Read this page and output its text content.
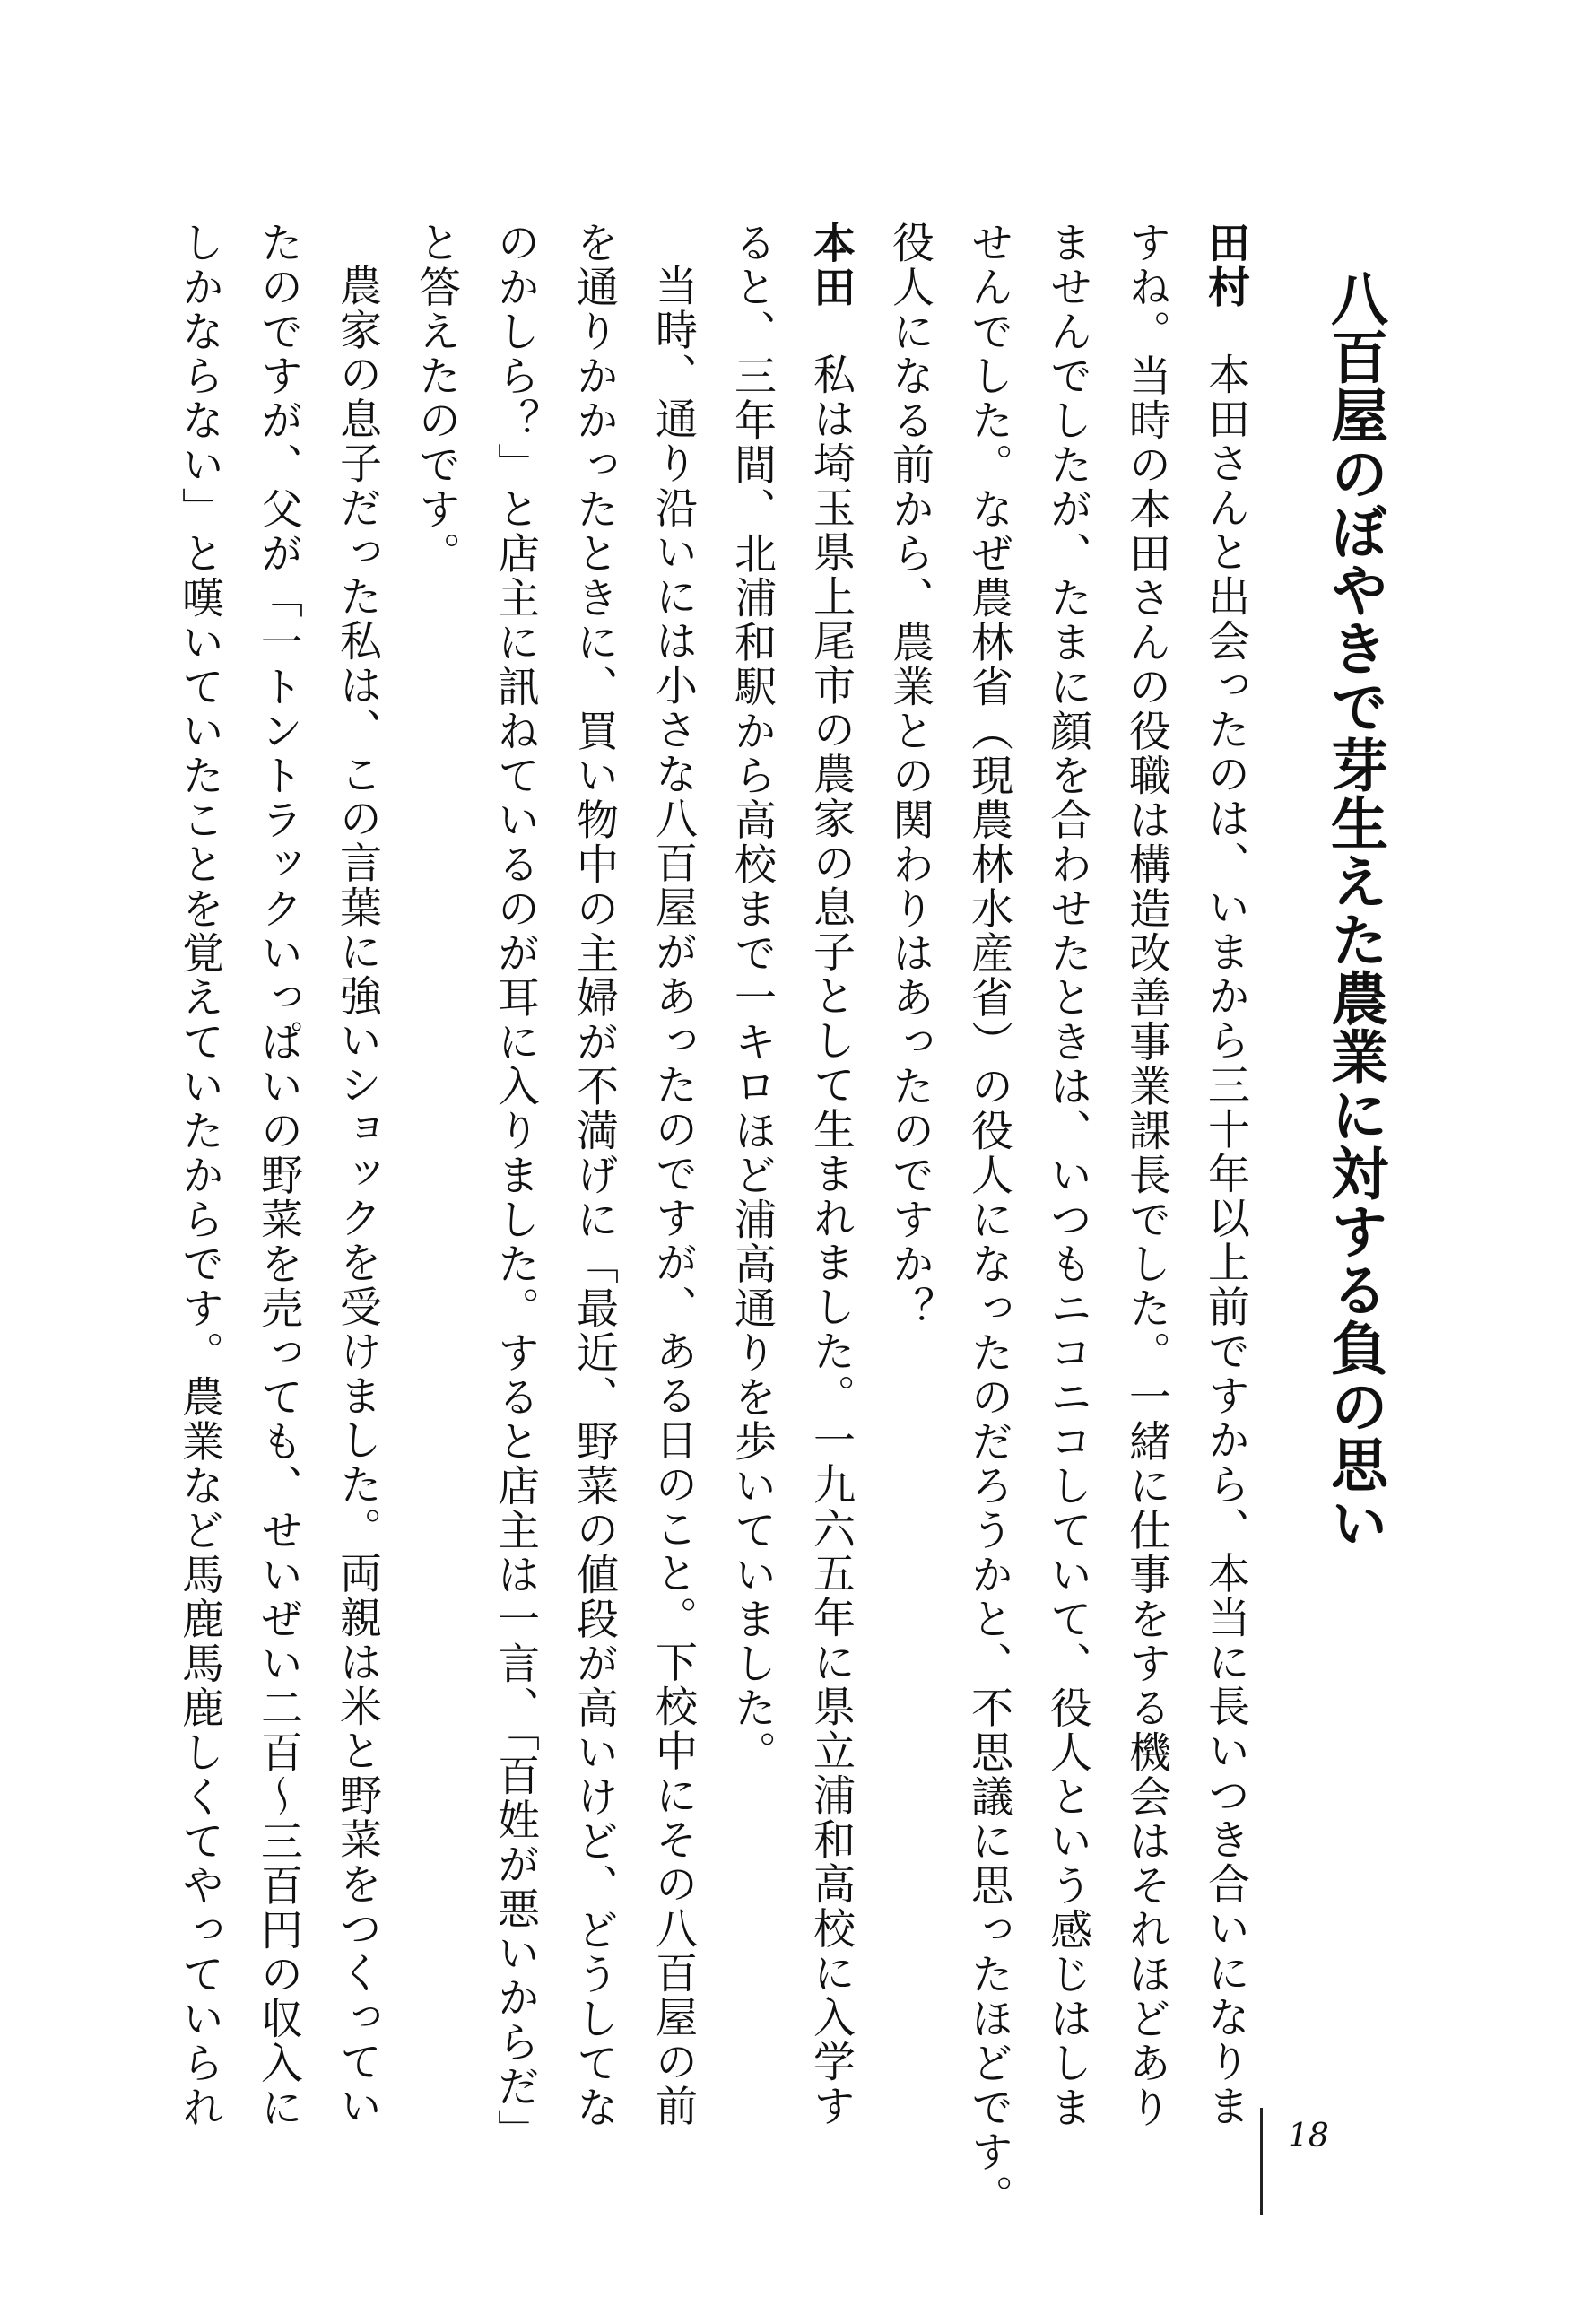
八百屋のぼやきで芽生えた農業に対する負の思い
田村本田さんと出会ったのは、いまから三十年以上前ですから、本当に長いつき合いになりま
すね。当時の本田さんの役職は構造改善事業課長でした。一緒に仕事をする機会はそれほどあり
ませんでしたが、たまに顔を合わせたときは、いつもニコニコしていて、役人という感じはしま
せんでした。なぜ農林省（現農林水産省）の役人になったのだろうかと、不思議に思ったほどです。
役人になる前から、農業との関わりはあったのですか？
本田私は埼玉県上尾市の農家の息子として生まれました。一九六五年に県立浦和高校に入学す
ると、三年間、北浦和駅から高校まで一キロほど浦高通りを歩いていました。
当時、通り沿いには小さな八百屋があったのですが、ある日のこと。下校中にその八百屋の前
を通りかかったときに、買い物中の主婦が不満げに「最近、野菜の値段が高いけど、どうしてな
のかしら？」と店主に訊ねているのが耳に入りました。すると店主は一言、「百姓が悪いからだ」
と答えたのです。
農家の息子だった私は、この言葉に強いショックを受けました。両親は米と野菜をつくってい
たのですが、父が「一トントラックいっぱいの野菜を売っても、せいぜい二百〜三百円の収入に
しかならない」と嘆いていたことを覚えていたからです。農業など馬鹿馬鹿しくてやっていられ
18
